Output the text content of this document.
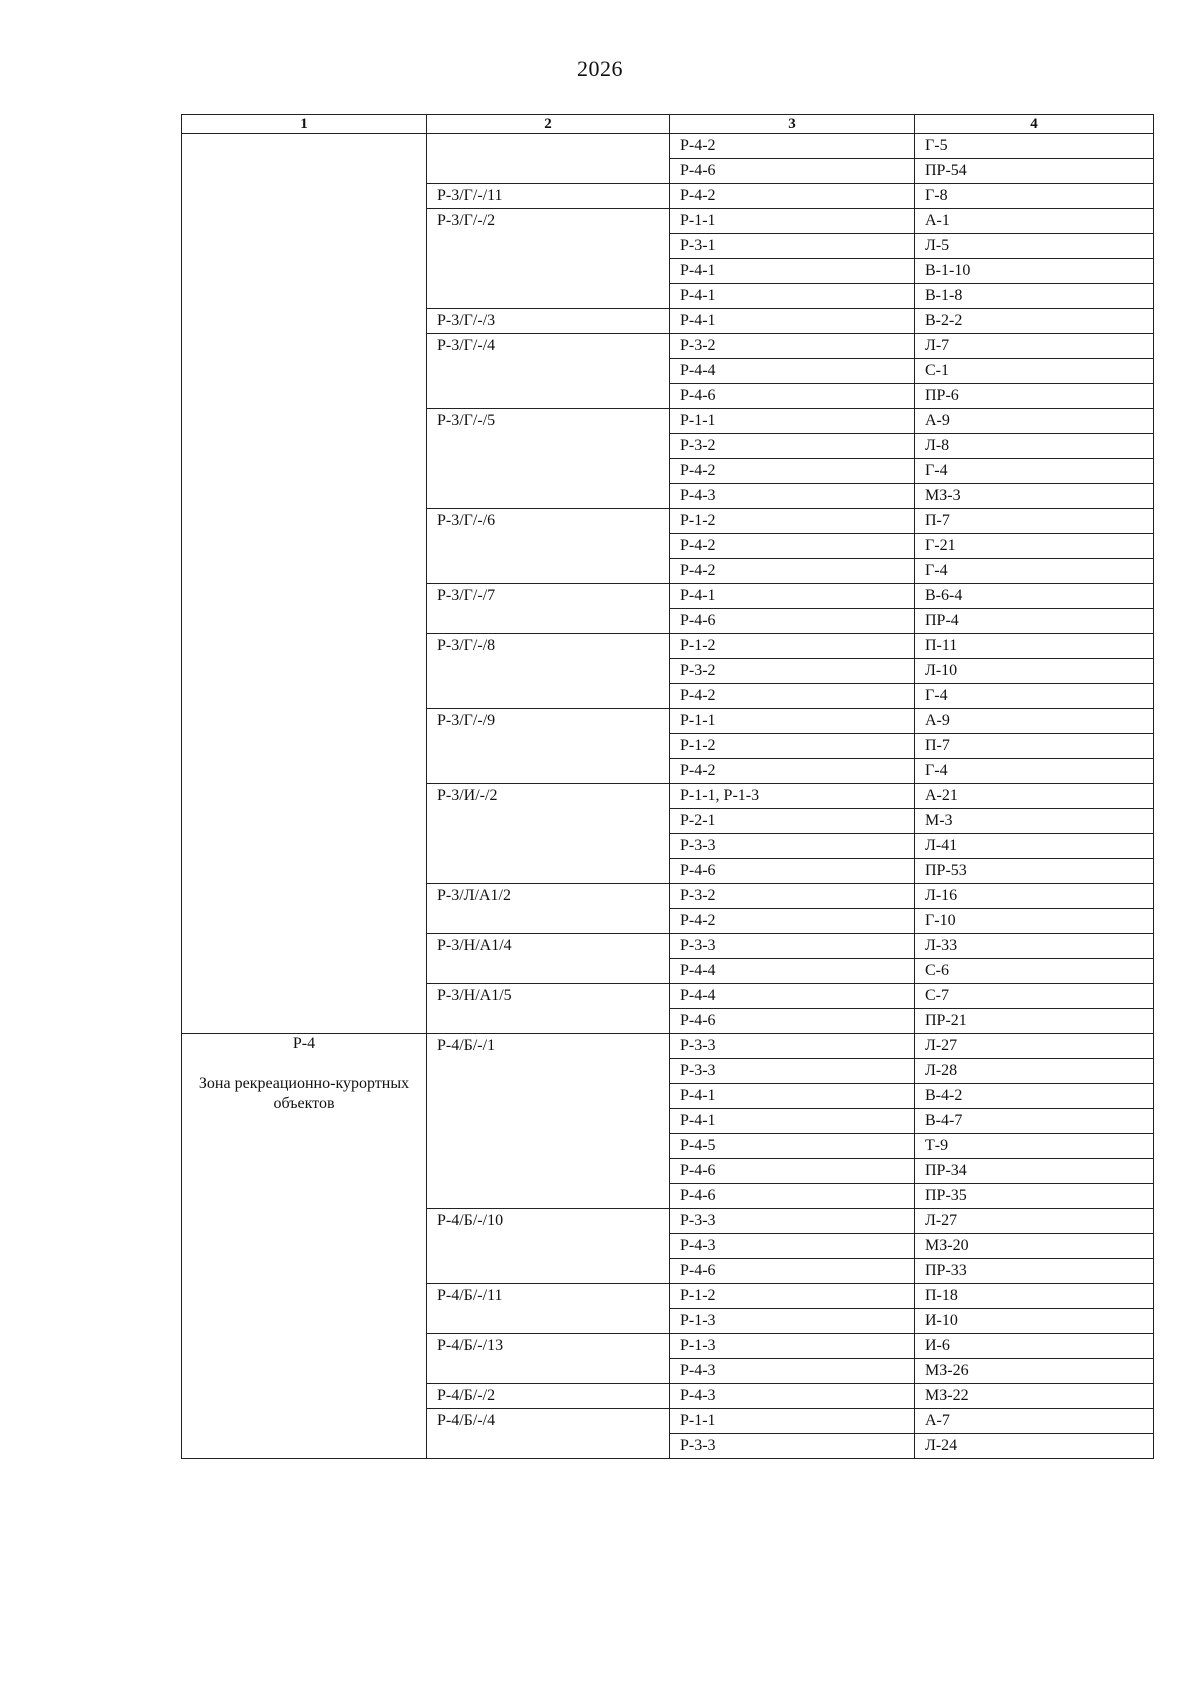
2026
1	2	3	4
		Р-4-2	Г-5
		Р-4-6	ПР-54
	Р-3/Г/-/11	Р-4-2	Г-8
	Р-3/Г/-/2	Р-1-1	А-1
		Р-3-1	Л-5
		Р-4-1	В-1-10
		Р-4-1	В-1-8
	Р-3/Г/-/3	Р-4-1	В-2-2
	Р-3/Г/-/4	Р-3-2	Л-7
		Р-4-4	С-1
		Р-4-6	ПР-6
	Р-3/Г/-/5	Р-1-1	А-9
		Р-3-2	Л-8
		Р-4-2	Г-4
		Р-4-3	МЗ-3
	Р-3/Г/-/6	Р-1-2	П-7
		Р-4-2	Г-21
		Р-4-2	Г-4
	Р-3/Г/-/7	Р-4-1	В-6-4
		Р-4-6	ПР-4
	Р-3/Г/-/8	Р-1-2	П-11
		Р-3-2	Л-10
		Р-4-2	Г-4
	Р-3/Г/-/9	Р-1-1	А-9
		Р-1-2	П-7
		Р-4-2	Г-4
	Р-3/И/-/2	Р-1-1, Р-1-3	А-21
		Р-2-1	М-3
		Р-3-3	Л-41
		Р-4-6	ПР-53
	Р-3/Л/А1/2	Р-3-2	Л-16
		Р-4-2	Г-10
	Р-3/Н/А1/4	Р-3-3	Л-33
		Р-4-4	С-6
	Р-3/Н/А1/5	Р-4-4	С-7
		Р-4-6	ПР-21

Р-4
Зона рекреационно-курортных объектов	Р-4/Б/-/1	Р-3-3	Л-27
		Р-3-3	Л-28
		Р-4-1	В-4-2
		Р-4-1	В-4-7
		Р-4-5	Т-9
		Р-4-6	ПР-34
		Р-4-6	ПР-35
	Р-4/Б/-/10	Р-3-3	Л-27
		Р-4-3	МЗ-20
		Р-4-6	ПР-33
	Р-4/Б/-/11	Р-1-2	П-18
		Р-1-3	И-10
	Р-4/Б/-/13	Р-1-3	И-6
		Р-4-3	МЗ-26
	Р-4/Б/-/2	Р-4-3	МЗ-22
	Р-4/Б/-/4	Р-1-1	А-7
		Р-3-3	Л-24
